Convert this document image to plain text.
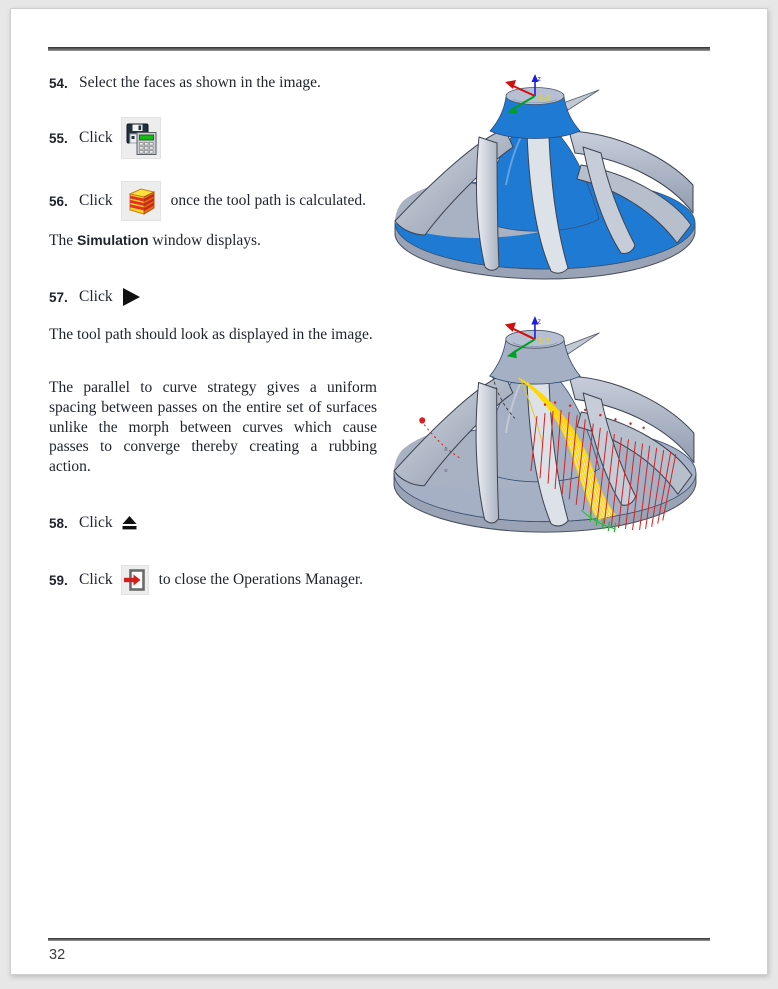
54. Select the faces as shown in the image.
55. Click
56. Click	once the tool path is calculated.
The Simulation window displays.
57. Click
The tool path should look as displayed in the image.
The parallel to curve strategy gives a uniform spacing between passes on the entire set of surfaces unlike the morph between curves which cause passes to converge thereby creating a rubbing action.
58. Click
59. Click	to close the Operations Manager.
32
